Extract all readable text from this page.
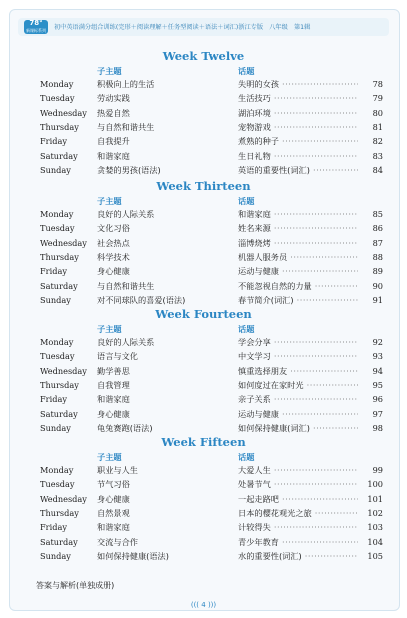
78°
新课标系列	初中英语满分组合训练(完形＋阅读理解＋任务型阅读＋语法＋词汇)浙江专版　八年级　第1辑
Week Twelve
子主题	话题
Monday	积极向上的生活	失明的女孩 ·····	78
Tuesday	劳动实践	生活技巧 ·····	79
Wednesday 热爱自然	湖泊环境 ·····	80
Thursday 与自然和谐共生	宠物游戏 ·····	81
Friday	自我提升	煮熟的种子 ·····	82
Saturday 和谐家庭	生日礼物 ·····	83
Sunday	贪婪的男孩(语法)	英语的重要性(词汇) ·····	84
Week Thirteen
子主题	话题
Monday	良好的人际关系	和谐家庭 ·····	85
Tuesday	文化习俗	姓名来源 ·····	86
Wednesday 社会热点	淄博烧烤 ·····	87
Thursday 科学技术	机器人服务员 ·····	88
Friday	身心健康	运动与健康 ·····	89
Saturday 与自然和谐共生	不能忽视自然的力量 ·····	90
Sunday	对不同球队的喜爱(语法)	春节简介(词汇) ·····	91
Week Fourteen
子主题	话题
Monday	良好的人际关系	学会分享 ·····	92
Tuesday	语言与文化	中文学习 ·····	93
Wednesday 勤学善思	慎重选择朋友 ·····	94
Thursday 自我管理	如何度过在家时光 ·····	95
Friday	和谐家庭	亲子关系 ·····	96
Saturday 身心健康	运动与健康 ·····	97
Sunday	龟兔赛跑(语法)	如何保持健康(词汇) ·····	98
Week Fifteen
子主题	话题
Monday	职业与人生	大爱人生 ·····	99
Tuesday	节气习俗	处暑节气 ·····	100
Wednesday 身心健康	一起走路吧 ·····	101
Thursday 自然景观	日本的樱花观光之旅 ·····	102
Friday	和谐家庭	计较得失 ·····	103
Saturday 交流与合作	青少年教育 ·····	104
Sunday	如何保持健康(语法)	水的重要性(词汇) ·····	105
答案与解析(单独成册)
((( 4 )))
